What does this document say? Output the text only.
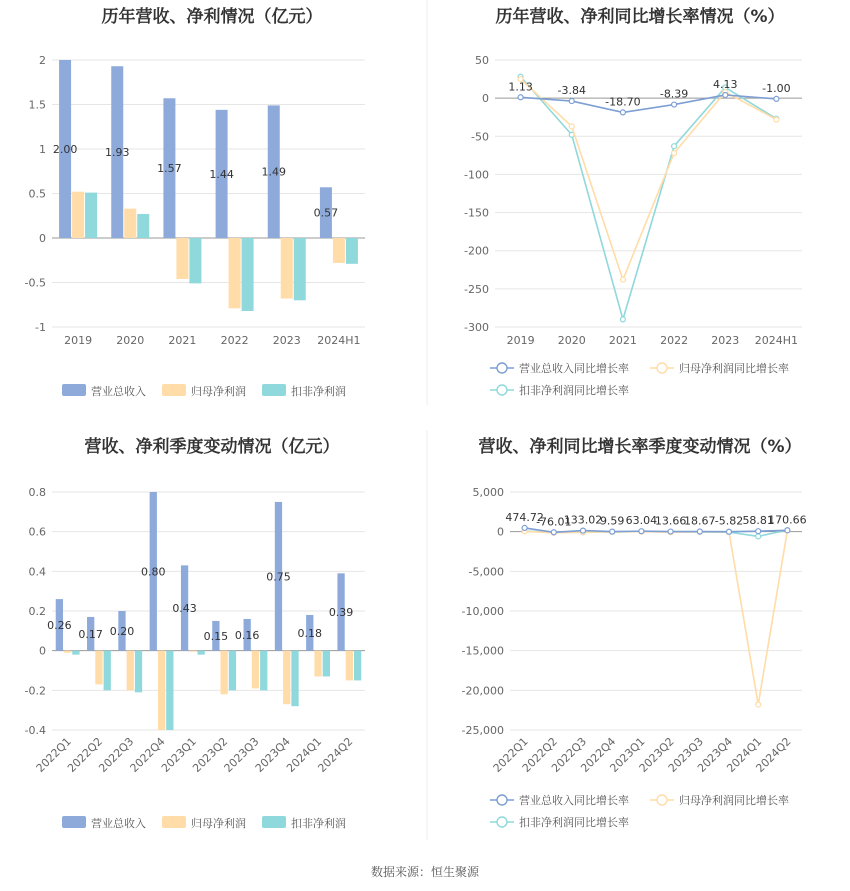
数据来源：恒生聚源
历年营收、净利情况（亿元）
2
1.5
1
0.5
0
-0.5
-1
2019 2020 2021 2022 2023 2024H1
2.00	1.93
1.57	1.44	1.49
0.57
营业总收入	归母净利润	扣非净利润
历年营收、净利同比增长率情况（%）
50
0
-50
-100
-150
-200
-250
-300
2019 2020 2021 2022 2023 2024H1
1.13 -3.84
-18.70
-8.39
4.13 -1.00
营业总收入同比增长率	归母净利润同比增长率
扣非净利润同比增长率
营收、净利季度变动情况（亿元）
0.8
0.6
0.4
0.2
0
-0.2
-0.4
2022Q1
2022Q2
2022Q3
2022Q4
2023Q1
2023Q2
2023Q3
2023Q4
2024Q1
2024Q2
0.26
0.17 0.20
0.80
0.43
0.15 0.16
0.75
0.18
0.39
营业总收入	归母净利润	扣非净利润
营收、净利同比增长率季度变动情况（%）
5,000
0
-5,000
-10,000
-15,000
-20,000
-25,000
2022Q1
2022Q2
2022Q3
2022Q4
2023Q1
2023Q2
2023Q3
2023Q4
2024Q1
2024Q2
474.72
-76.01
133.02
9.59 63.04
13.66
18.67 -5.82 58.81
170.66
营业总收入同比增长率	归母净利润同比增长率
扣非净利润同比增长率
